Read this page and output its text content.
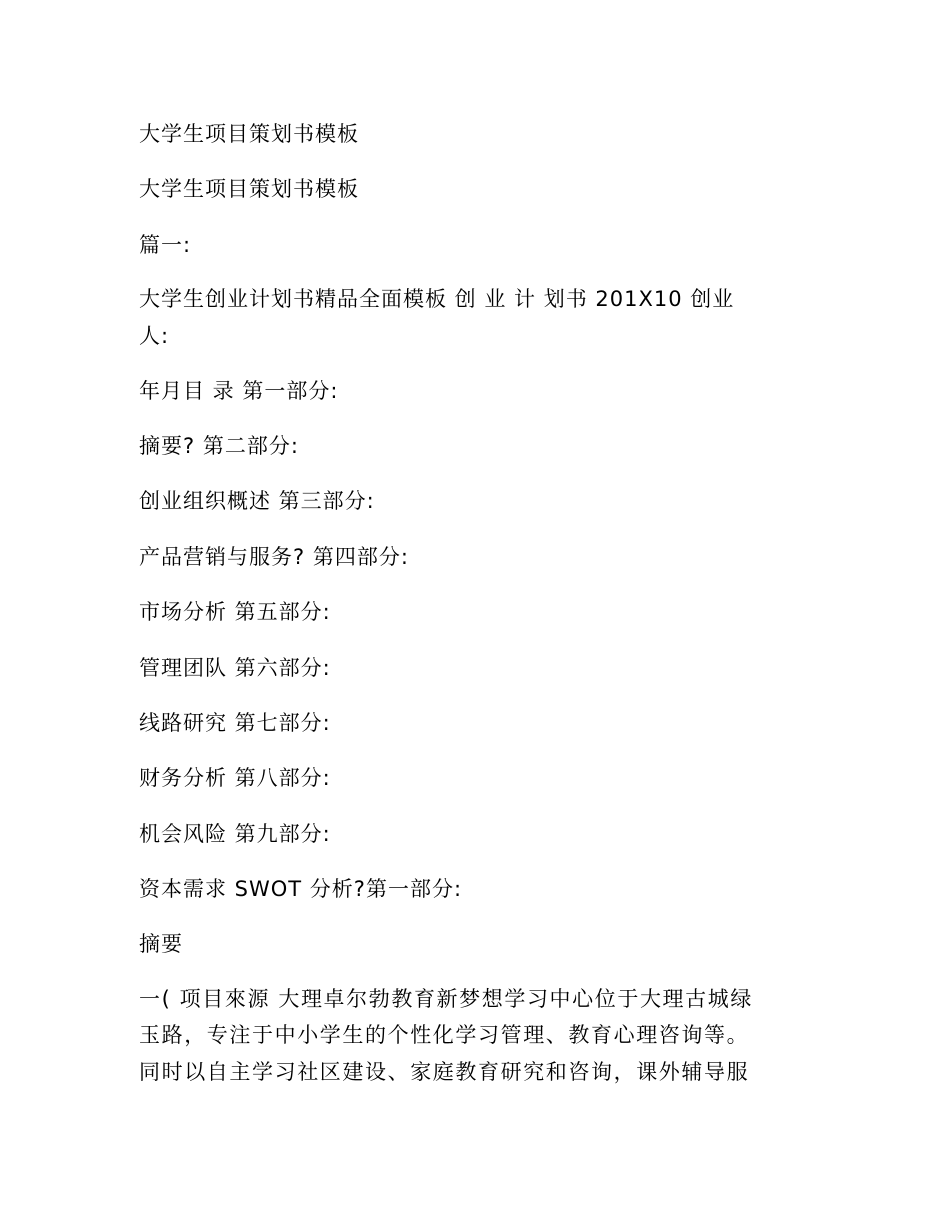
大学生项目策划书模板
大学生项目策划书模板
篇一:
大学生创业计划书精品全面模板 创 业 计 划书 201X10 创业
人:
年月目 录 第一部分:
摘要? 第二部分:
创业组织概述 第三部分:
产品营销与服务? 第四部分:
市场分析 第五部分:
管理团队 第六部分:
线路研究 第七部分:
财务分析 第八部分:
机会风险 第九部分:
资本需求 SWOT 分析?第一部分:
摘要
一( 项目來源 大理卓尔勃教育新梦想学习中心位于大理古城绿
玉路，专注于中小学生的个性化学习管理、教育心理咨询等。
同时以自主学习社区建设、家庭教育研究和咨询，课外辅导服
